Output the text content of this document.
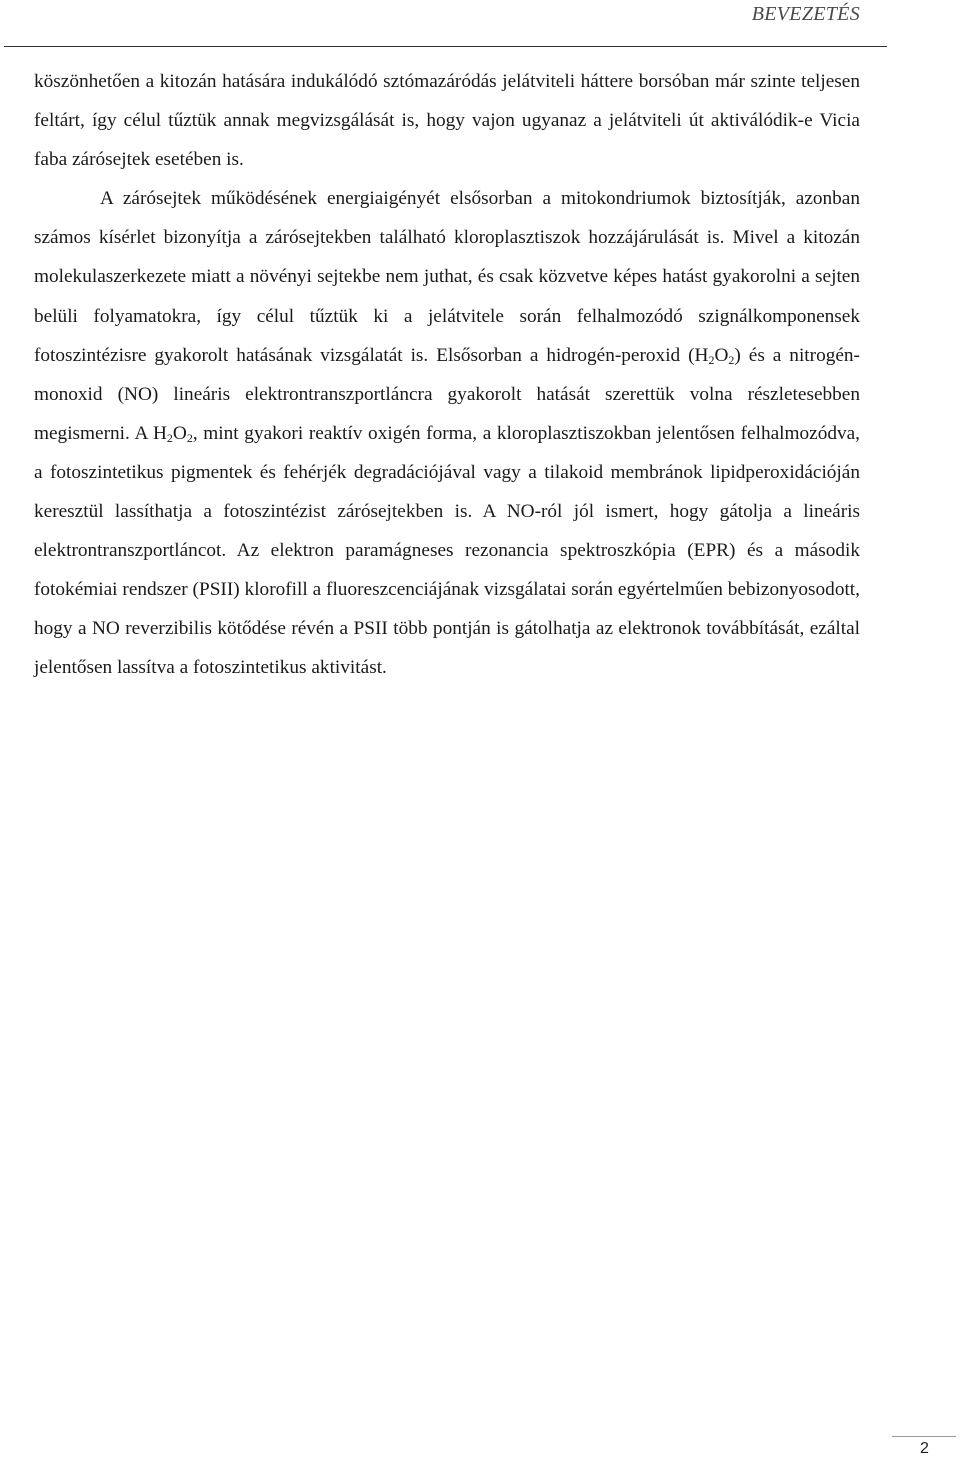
BEVEZETÉS

köszönhetően a kitozán hatására indukálódó sztómazáródás jelátviteli háttere borsóban már szinte teljesen feltárt, így célul tűztük annak megvizsgálását is, hogy vajon ugyanaz a jelátviteli út aktiválódik-e Vicia faba zárósejtek esetében is.

A zárósejtek működésének energiaigényét elsősorban a mitokondriumok biztosítják, azonban számos kísérlet bizonyítja a zárósejtekben található kloroplasztiszok hozzájárulását is. Mivel a kitozán molekulaszerkezete miatt a növényi sejtekbe nem juthat, és csak közvetve képes hatást gyakorolni a sejten belüli folyamatokra, így célul tűztük ki a jelátvitele során felhalmozódó szignálkomponensek fotoszintézisre gyakorolt hatásának vizsgálatát is. Elsősorban a hidrogén-peroxid $(H_2O_2)$ és a nitrogén-monoxid (NO) lineáris elektrontranszportláncra gyakorolt hatását szerettük volna részletesebben megismerni. A $H_2O_2$, mint gyakori reaktív oxigén forma, a kloroplasztiszokban jelentősen felhalmozódva, a fotoszintetikus pigmentek és fehérjék degradációjával vagy a tilakoid membránok lipidperoxidációján keresztül lassíthatja a fotoszintézist zárósejtekben is. A NO-ról jól ismert, hogy gátolja a lineáris elektrontranszportláncot. Az elektron paramágneses rezonancia spektroszkópia (EPR) és a második fotokémiai rendszer (PSII) klorofill a fluoreszcenciájának vizsgálatai során egyértelműen bebizonyosodott, hogy a NO reverzibilis kötődése révén a PSII több pontján is gátolhatja az elektronok továbbítását, ezáltal jelentősen lassítva a fotoszintetikus aktivitást.

2
